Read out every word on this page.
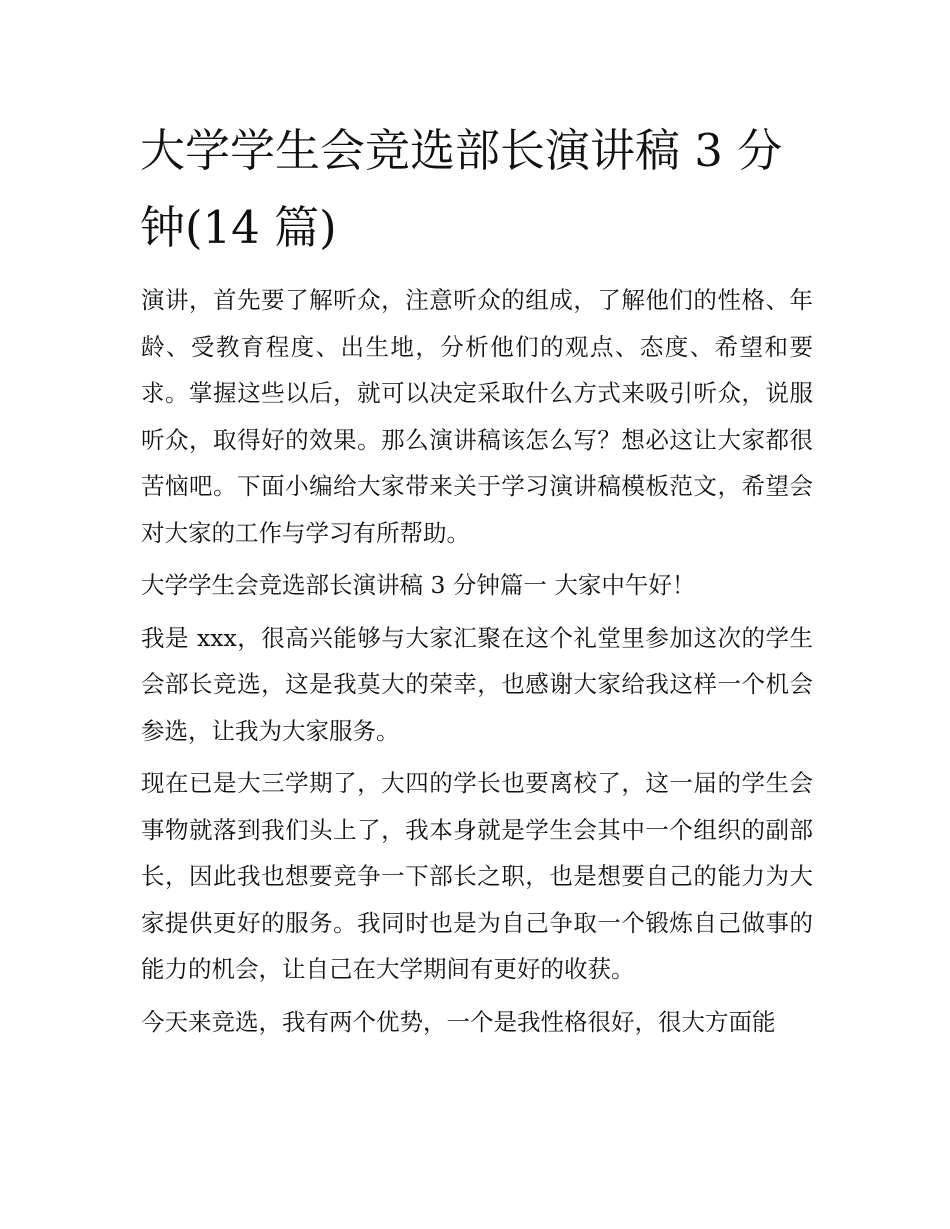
大学学生会竞选部长演讲稿 3 分钟(14 篇)

演讲，首先要了解听众，注意听众的组成，了解他们的性格、年龄、受教育程度、出生地，分析他们的观点、态度、希望和要求。掌握这些以后，就可以决定采取什么方式来吸引听众，说服听众，取得好的效果。那么演讲稿该怎么写？想必这让大家都很苦恼吧。下面小编给大家带来关于学习演讲稿模板范文，希望会对大家的工作与学习有所帮助。

大学学生会竞选部长演讲稿 3 分钟篇一 大家中午好！

我是 xxx，很高兴能够与大家汇聚在这个礼堂里参加这次的学生会部长竞选，这是我莫大的荣幸，也感谢大家给我这样一个机会参选，让我为大家服务。

现在已是大三学期了，大四的学长也要离校了，这一届的学生会事物就落到我们头上了，我本身就是学生会其中一个组织的副部长，因此我也想要竞争一下部长之职，也是想要自己的能力为大家提供更好的服务。我同时也是为自己争取一个锻炼自己做事的能力的机会，让自己在大学期间有更好的收获。

今天来竞选，我有两个优势，一个是我性格很好，很大方面能
